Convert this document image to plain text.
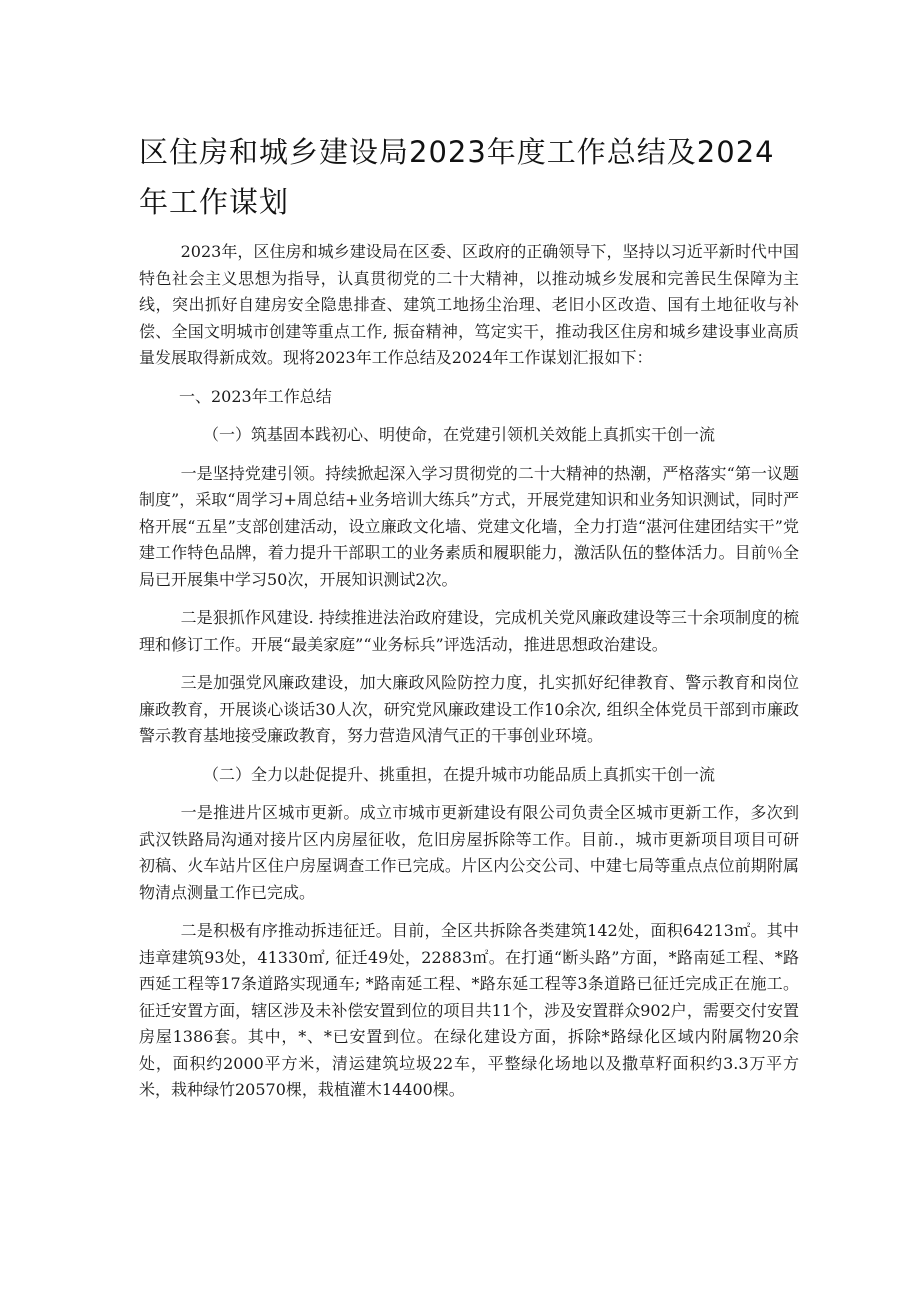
区住房和城乡建设局2023年度工作总结及2024年工作谋划

2023年，区住房和城乡建设局在区委、区政府的正确领导下，坚持以习近平新时代中国特色社会主义思想为指导，认真贯彻党的二十大精神，以推动城乡发展和完善民生保障为主线，突出抓好自建房安全隐患排查、建筑工地扬尘治理、老旧小区改造、国有土地征收与补偿、全国文明城市创建等重点工作, 振奋精神，笃定实干，推动我区住房和城乡建设事业高质量发展取得新成效。现将2023年工作总结及2024年工作谋划汇报如下：

一、2023年工作总结

（一）筑基固本践初心、明使命，在党建引领机关效能上真抓实干创一流

一是坚持党建引领。持续掀起深入学习贯彻党的二十大精神的热潮，严格落实“第一议题制度”，采取“周学习+周总结+业务培训大练兵”方式，开展党建知识和业务知识测试，同时严格开展“五星”支部创建活动，设立廉政文化墙、党建文化墙，全力打造“湛河住建团结实干”党建工作特色品牌，着力提升干部职工的业务素质和履职能力，激活队伍的整体活力。目前％全局已开展集中学习50次，开展知识测试2次。

二是狠抓作风建设. 持续推进法治政府建设，完成机关党风廉政建设等三十余项制度的梳理和修订工作。开展“最美家庭”“业务标兵”评选活动，推进思想政治建设。

三是加强党风廉政建设，加大廉政风险防控力度，扎实抓好纪律教育、警示教育和岗位廉政教育，开展谈心谈话30人次，研究党风廉政建设工作10余次, 组织全体党员干部到市廉政警示教育基地接受廉政教育，努力营造风清气正的干事创业环境。

（二）全力以赴促提升、挑重担，在提升城市功能品质上真抓实干创一流

一是推进片区城市更新。成立市城市更新建设有限公司负责全区城市更新工作，多次到武汉铁路局沟通对接片区内房屋征收，危旧房屋拆除等工作。目前.，城市更新项目项目可研初稿、火车站片区住户房屋调查工作已完成。片区内公交公司、中建七局等重点点位前期附属物清点测量工作已完成。

二是积极有序推动拆违征迁。目前，全区共拆除各类建筑142处，面积64213㎡。其中违章建筑93处，41330㎡, 征迁49处，22883㎡。在打通“断头路”方面，*路南延工程、*路西延工程等17条道路实现通车; *路南延工程、*路东延工程等3条道路已征迁完成正在施工。征迁安置方面，辖区涉及未补偿安置到位的项目共11个，涉及安置群众902户，需要交付安置房屋1386套。其中，*、*已安置到位。在绿化建设方面，拆除*路绿化区域内附属物20余处，面积约2000平方米，清运建筑垃圾22车，平整绿化场地以及撒草籽面积约3.3万平方米，栽种绿竹20570棵，栽植灌木14400棵。
